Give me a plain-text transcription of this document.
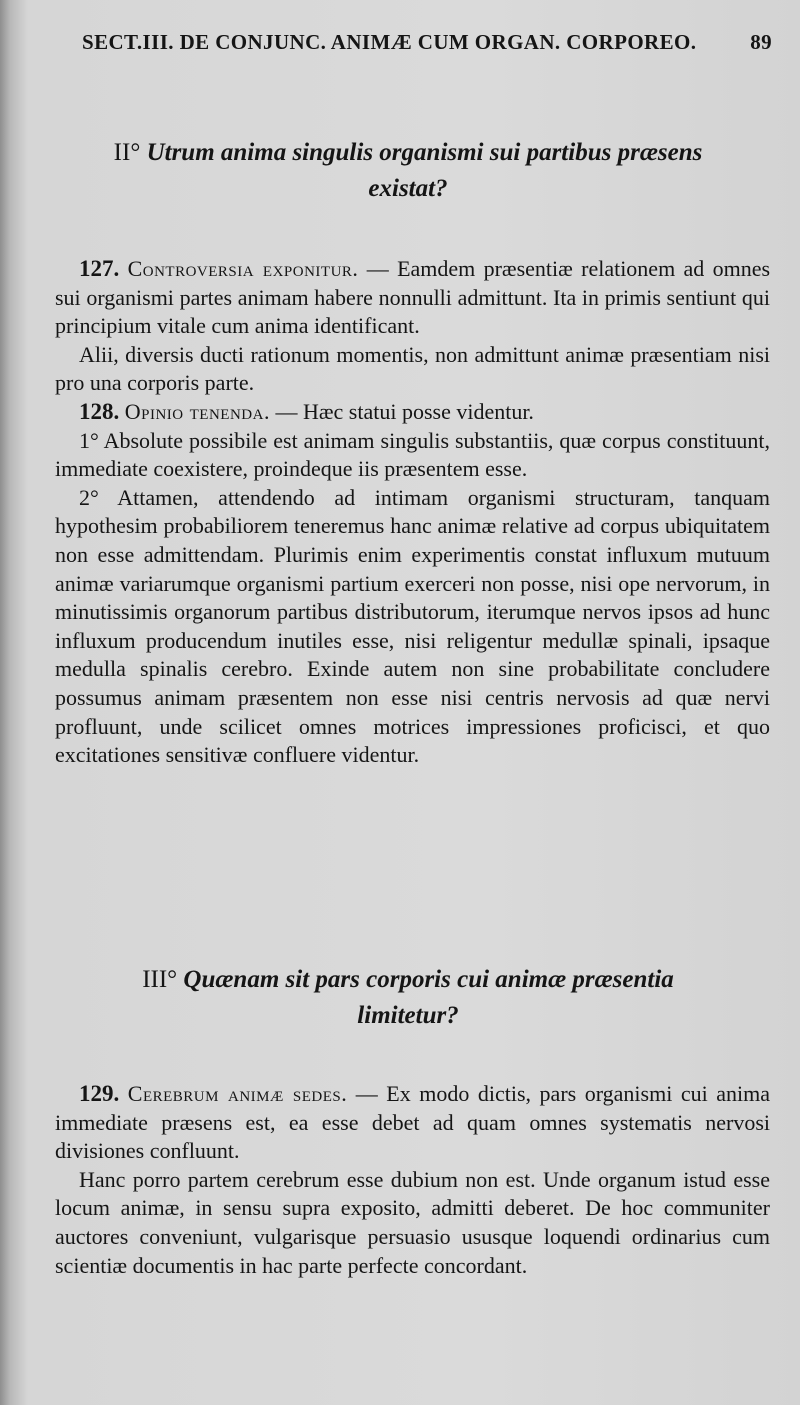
SECT.III. DE CONJUNC. ANIMÆ CUM ORGAN. CORPOREO.	89
II° Utrum anima singulis organismi sui partibus præsens
existat?

127. Controversia exponitur. — Eamdem præsentiæ relationem ad omnes sui organismi partes animam habere nonnulli admittunt. Ita in primis sentiunt qui principium vitale cum anima identificant.

Alii, diversis ducti rationum momentis, non admittunt animæ præsentiam nisi pro una corporis parte.

128. Opinio tenenda. — Hæc statui posse videntur.

1° Absolute possibile est animam singulis substantiis, quæ corpus constituunt, immediate coexistere, proindeque iis præsentem esse.

2° Attamen, attendendo ad intimam organismi structuram, tanquam hypothesim probabiliorem teneremus hanc animæ relative ad corpus ubiquitatem non esse admittendam. Plurimis enim experimentis constat influxum mutuum animæ variarumque organismi partium exerceri non posse, nisi ope nervorum, in minutissimis organorum partibus distributorum, iterumque nervos ipsos ad hunc influxum producendum inutiles esse, nisi religentur medullæ spinali, ipsaque medulla spinalis cerebro. Exinde autem non sine probabilitate concludere possumus animam præsentem non esse nisi centris nervosis ad quæ nervi profluunt, unde scilicet omnes motrices impressiones proficisci, et quo excitationes sensitivæ confluere videntur.

III° Quænam sit pars corporis cui animæ præsentia
limitetur?

129. Cerebrum animæ sedes. — Ex modo dictis, pars organismi cui anima immediate præsens est, ea esse debet ad quam omnes systematis nervosi divisiones confluunt.

Hanc porro partem cerebrum esse dubium non est. Unde organum istud esse locum animæ, in sensu supra exposito, admitti deberet. De hoc communiter auctores conveniunt, vulgarisque persuasio ususque loquendi ordinarius cum scientiæ documentis in hac parte perfecte concordant.
